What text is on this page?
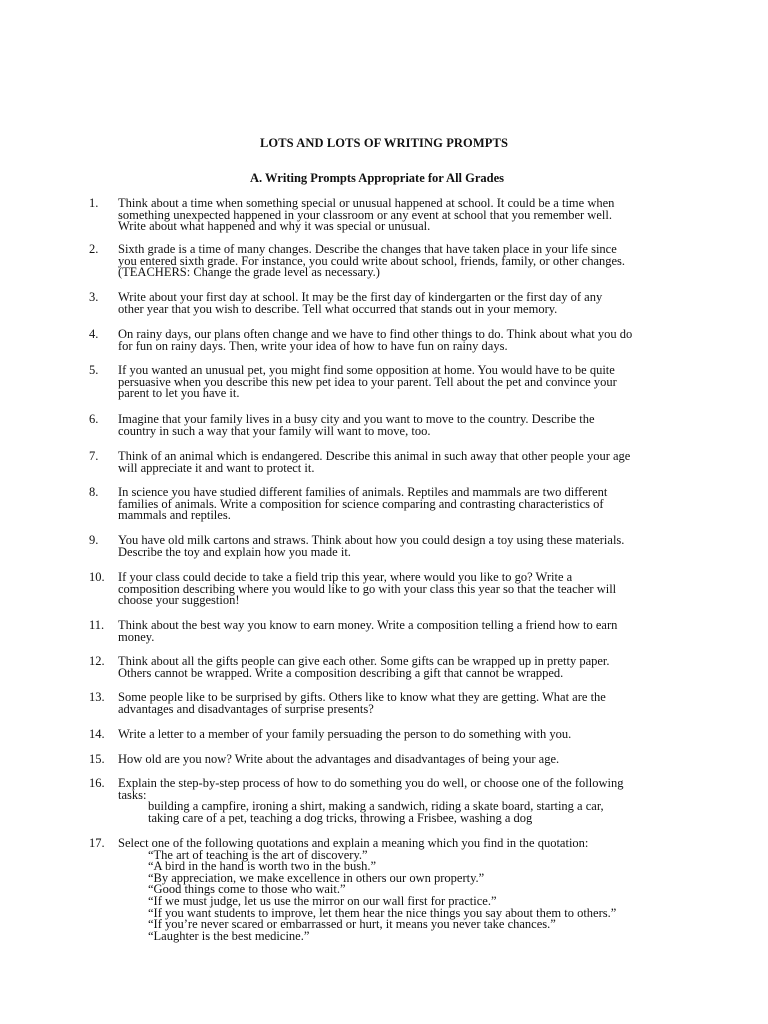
LOTS AND LOTS OF WRITING PROMPTS
A. Writing Prompts Appropriate for All Grades
1.	Think about a time when something special or unusual happened at school. It could be a time when
something unexpected happened in your classroom or any event at school that you remember well.
Write about what happened and why it was special or unusual.
2.	Sixth grade is a time of many changes. Describe the changes that have taken place in your life since
you entered sixth grade. For instance, you could write about school, friends, family, or other changes.
(TEACHERS: Change the grade level as necessary.)
3.	Write about your first day at school. It may be the first day of kindergarten or the first day of any
other year that you wish to describe. Tell what occurred that stands out in your memory.
4.	On rainy days, our plans often change and we have to find other things to do. Think about what you do
for fun on rainy days. Then, write your idea of how to have fun on rainy days.
5.	If you wanted an unusual pet, you might find some opposition at home. You would have to be quite
persuasive when you describe this new pet idea to your parent. Tell about the pet and convince your
parent to let you have it.
6.	Imagine that your family lives in a busy city and you want to move to the country. Describe the
country in such a way that your family will want to move, too.
7.	Think of an animal which is endangered. Describe this animal in such away that other people your age
will appreciate it and want to protect it.
8.	In science you have studied different families of animals. Reptiles and mammals are two different
families of animals. Write a composition for science comparing and contrasting characteristics of
mammals and reptiles.
9.	You have old milk cartons and straws. Think about how you could design a toy using these materials.
Describe the toy and explain how you made it.
10.	If your class could decide to take a field trip this year, where would you like to go? Write a
composition describing where you would like to go with your class this year so that the teacher will
choose your suggestion!
11.	Think about the best way you know to earn money. Write a composition telling a friend how to earn
money.
12.	Think about all the gifts people can give each other. Some gifts can be wrapped up in pretty paper.
Others cannot be wrapped. Write a composition describing a gift that cannot be wrapped.
13.	Some people like to be surprised by gifts. Others like to know what they are getting. What are the
advantages and disadvantages of surprise presents?
14.	Write a letter to a member of your family persuading the person to do something with you.
15.	How old are you now? Write about the advantages and disadvantages of being your age.
16.	Explain the step-by-step process of how to do something you do well, or choose one of the following
tasks:
building a campfire, ironing a shirt, making a sandwich, riding a skate board, starting a car,
taking care of a pet, teaching a dog tricks, throwing a Frisbee, washing a dog
17.	Select one of the following quotations and explain a meaning which you find in the quotation:
“The art of teaching is the art of discovery.”
“A bird in the hand is worth two in the bush.”
“By appreciation, we make excellence in others our own property.”
“Good things come to those who wait.”
“If we must judge, let us use the mirror on our wall first for practice.”
“If you want students to improve, let them hear the nice things you say about them to others.”
“If you’re never scared or embarrassed or hurt, it means you never take chances.”
“Laughter is the best medicine.”
